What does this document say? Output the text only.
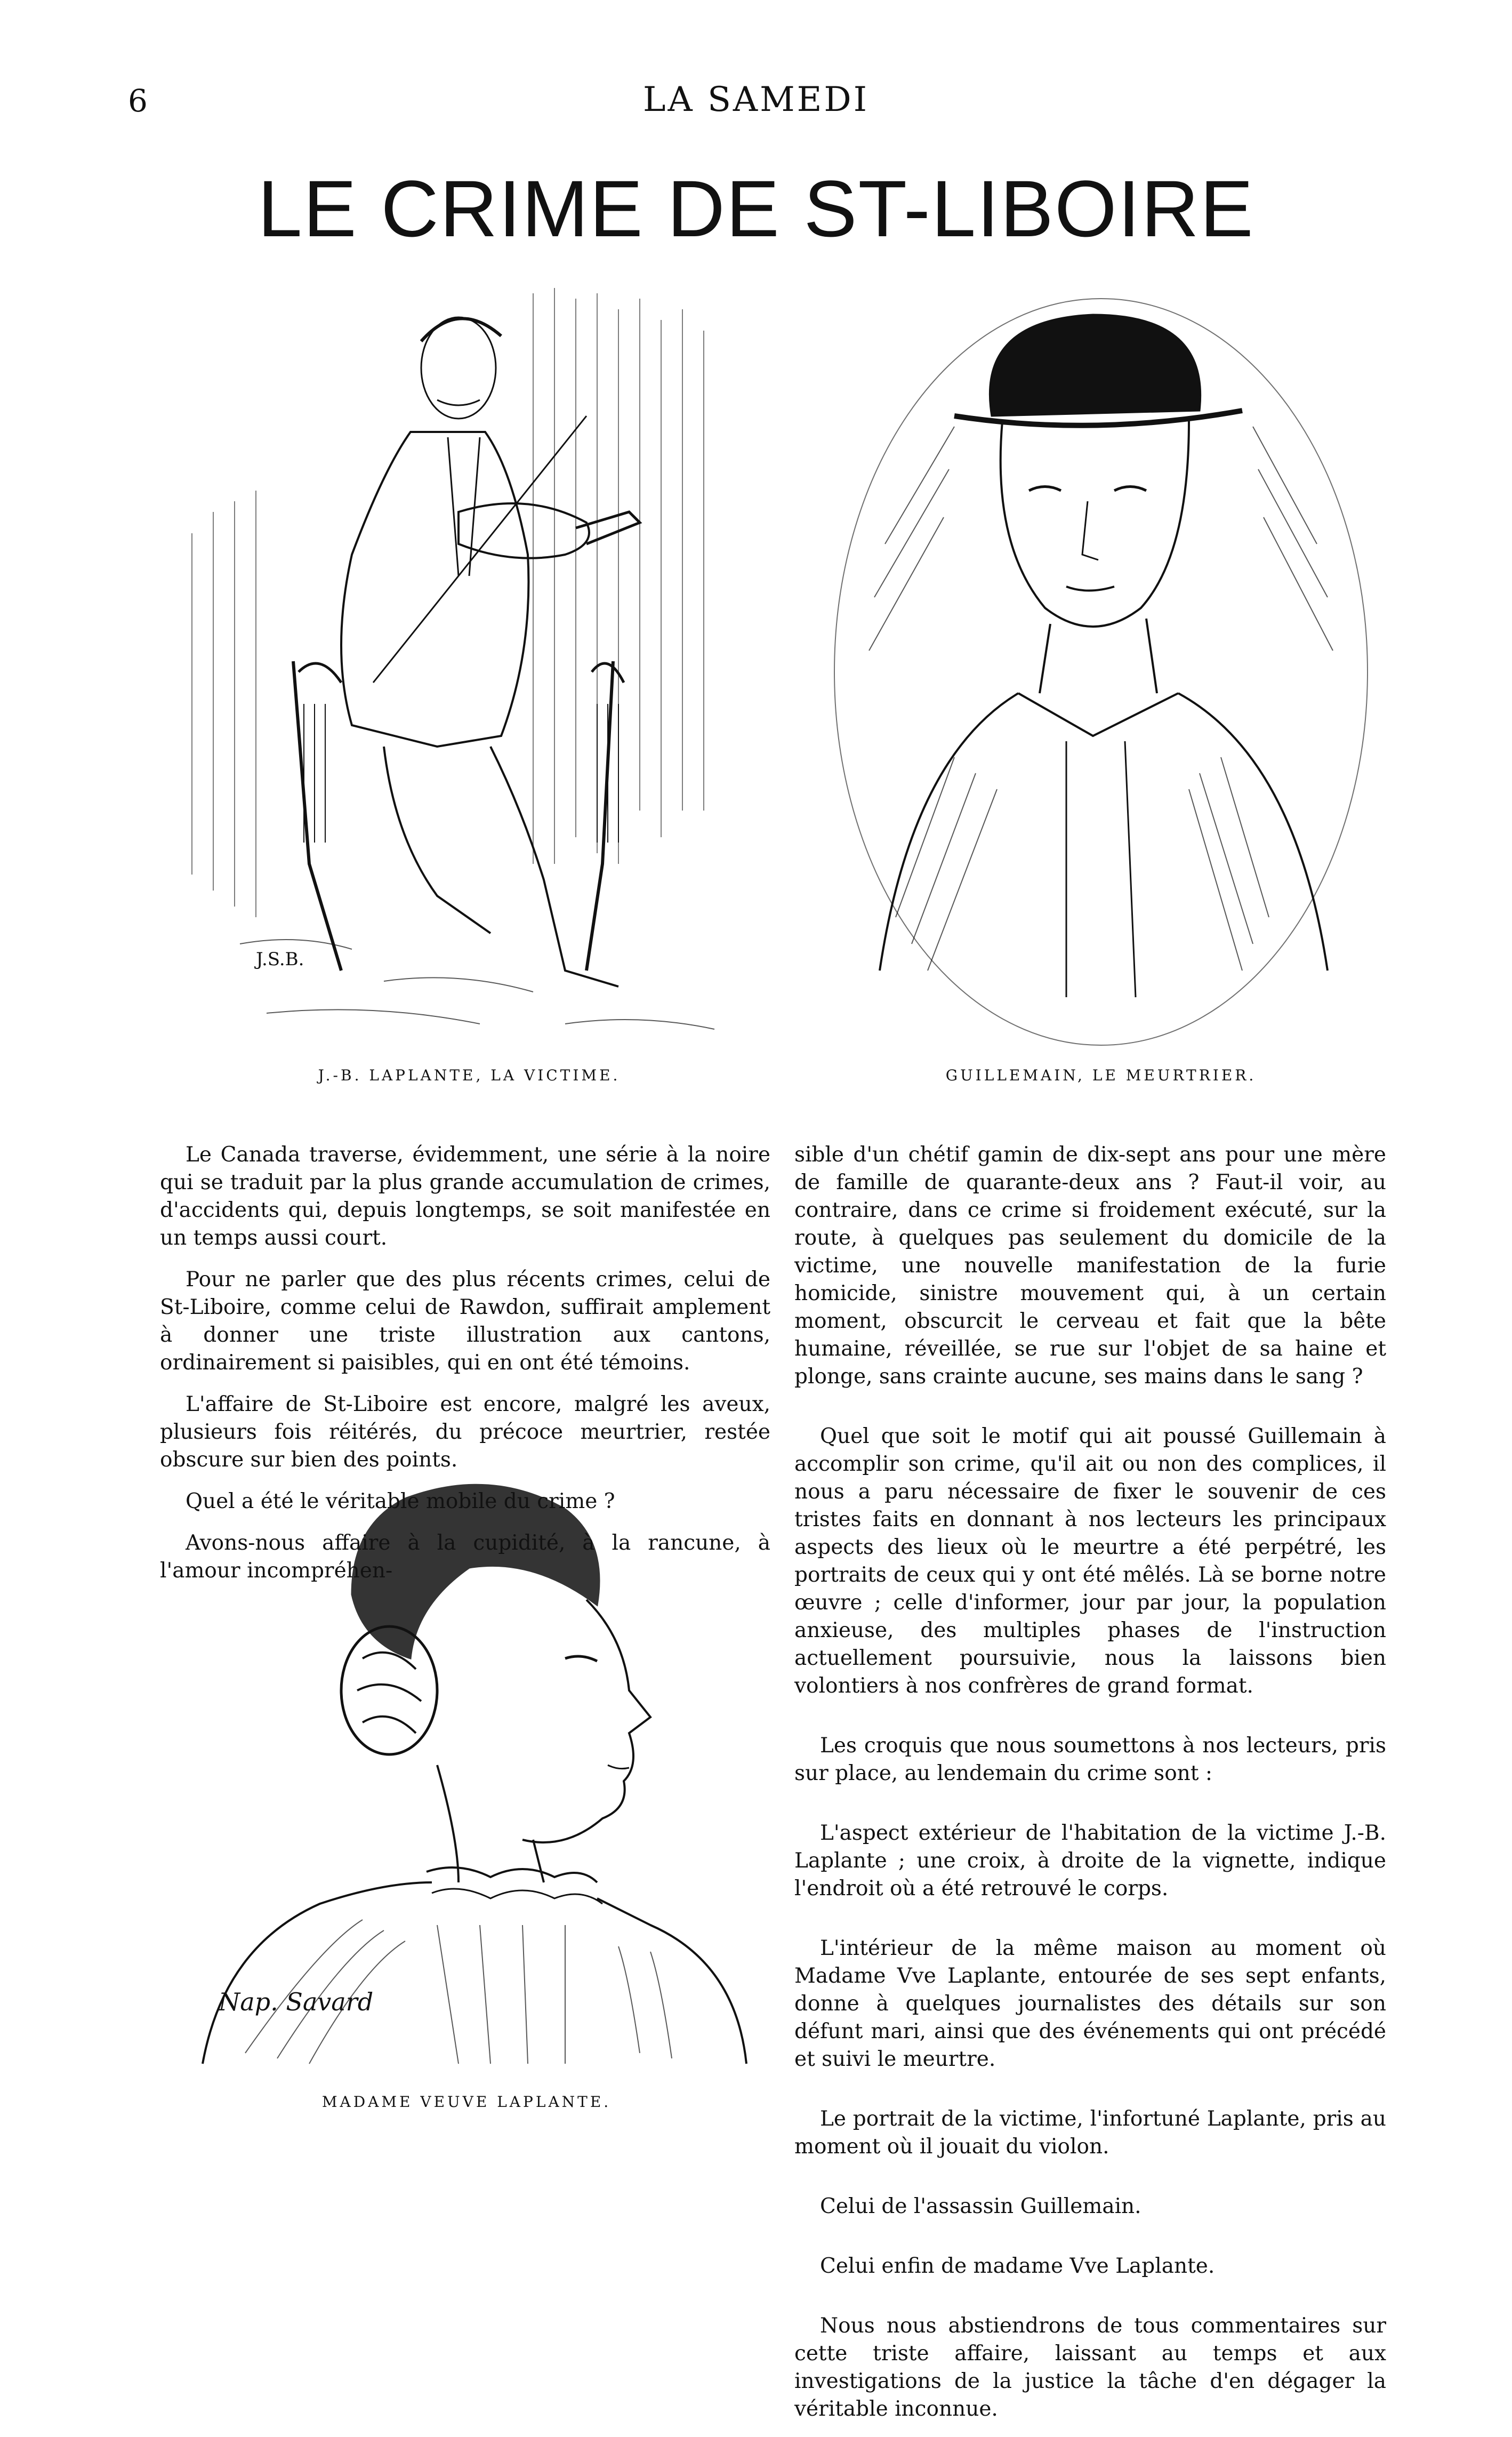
6	LA SAMEDI
LE CRIME DE ST-LIBOIRE
J.S.B.
J.-B. LAPLANTE, LA VICTIME.	GUILLEMAIN, LE MEURTRIER.
Nap. Savard
MADAME VEUVE LAPLANTE.

Le Canada traverse, évidemment, une série à la noire qui se traduit par la plus grande accumulation de crimes, d'accidents qui, depuis longtemps, se soit manifestée en un temps aussi court.

Pour ne parler que des plus récents crimes, celui de St-Liboire, comme celui de Rawdon, suffirait amplement à donner une triste illustration aux cantons, ordinairement si paisibles, qui en ont été témoins.

L'affaire de St-Liboire est encore, malgré les aveux, plusieurs fois réitérés, du précoce meurtrier, restée obscure sur bien des points.

Quel a été le véritable mobile du crime ?

Avons-nous affaire à la cupidité, à la rancune, à l'amour incompréhen-

sible d'un chétif gamin de dix-sept ans pour une mère de famille de quarante-deux ans ? Faut-il voir, au contraire, dans ce crime si froidement exécuté, sur la route, à quelques pas seulement du domicile de la victime, une nouvelle manifestation de la furie homicide, sinistre mouvement qui, à un certain moment, obscurcit le cerveau et fait que la bête humaine, réveillée, se rue sur l'objet de sa haine et plonge, sans crainte aucune, ses mains dans le sang ?

Quel que soit le motif qui ait poussé Guillemain à accomplir son crime, qu'il ait ou non des complices, il nous a paru nécessaire de fixer le souvenir de ces tristes faits en donnant à nos lecteurs les principaux aspects des lieux où le meurtre a été perpétré, les portraits de ceux qui y ont été mêlés. Là se borne notre œuvre ; celle d'informer, jour par jour, la population anxieuse, des multiples phases de l'instruction actuellement poursuivie, nous la laissons bien volontiers à nos confrères de grand format.

Les croquis que nous soumettons à nos lecteurs, pris sur place, au lendemain du crime sont :

L'aspect extérieur de l'habitation de la victime J.-B. Laplante ; une croix, à droite de la vignette, indique l'endroit où a été retrouvé le corps.

L'intérieur de la même maison au moment où Madame Vve Laplante, entourée de ses sept enfants, donne à quelques journalistes des détails sur son défunt mari, ainsi que des événements qui ont précédé et suivi le meurtre.

Le portrait de la victime, l'infortuné Laplante, pris au moment où il jouait du violon.

Celui de l'assassin Guillemain.

Celui enfin de madame Vve Laplante.

Nous nous abstiendrons de tous commentaires sur cette triste affaire, laissant au temps et aux investigations de la justice la tâche d'en dégager la véritable inconnue.
